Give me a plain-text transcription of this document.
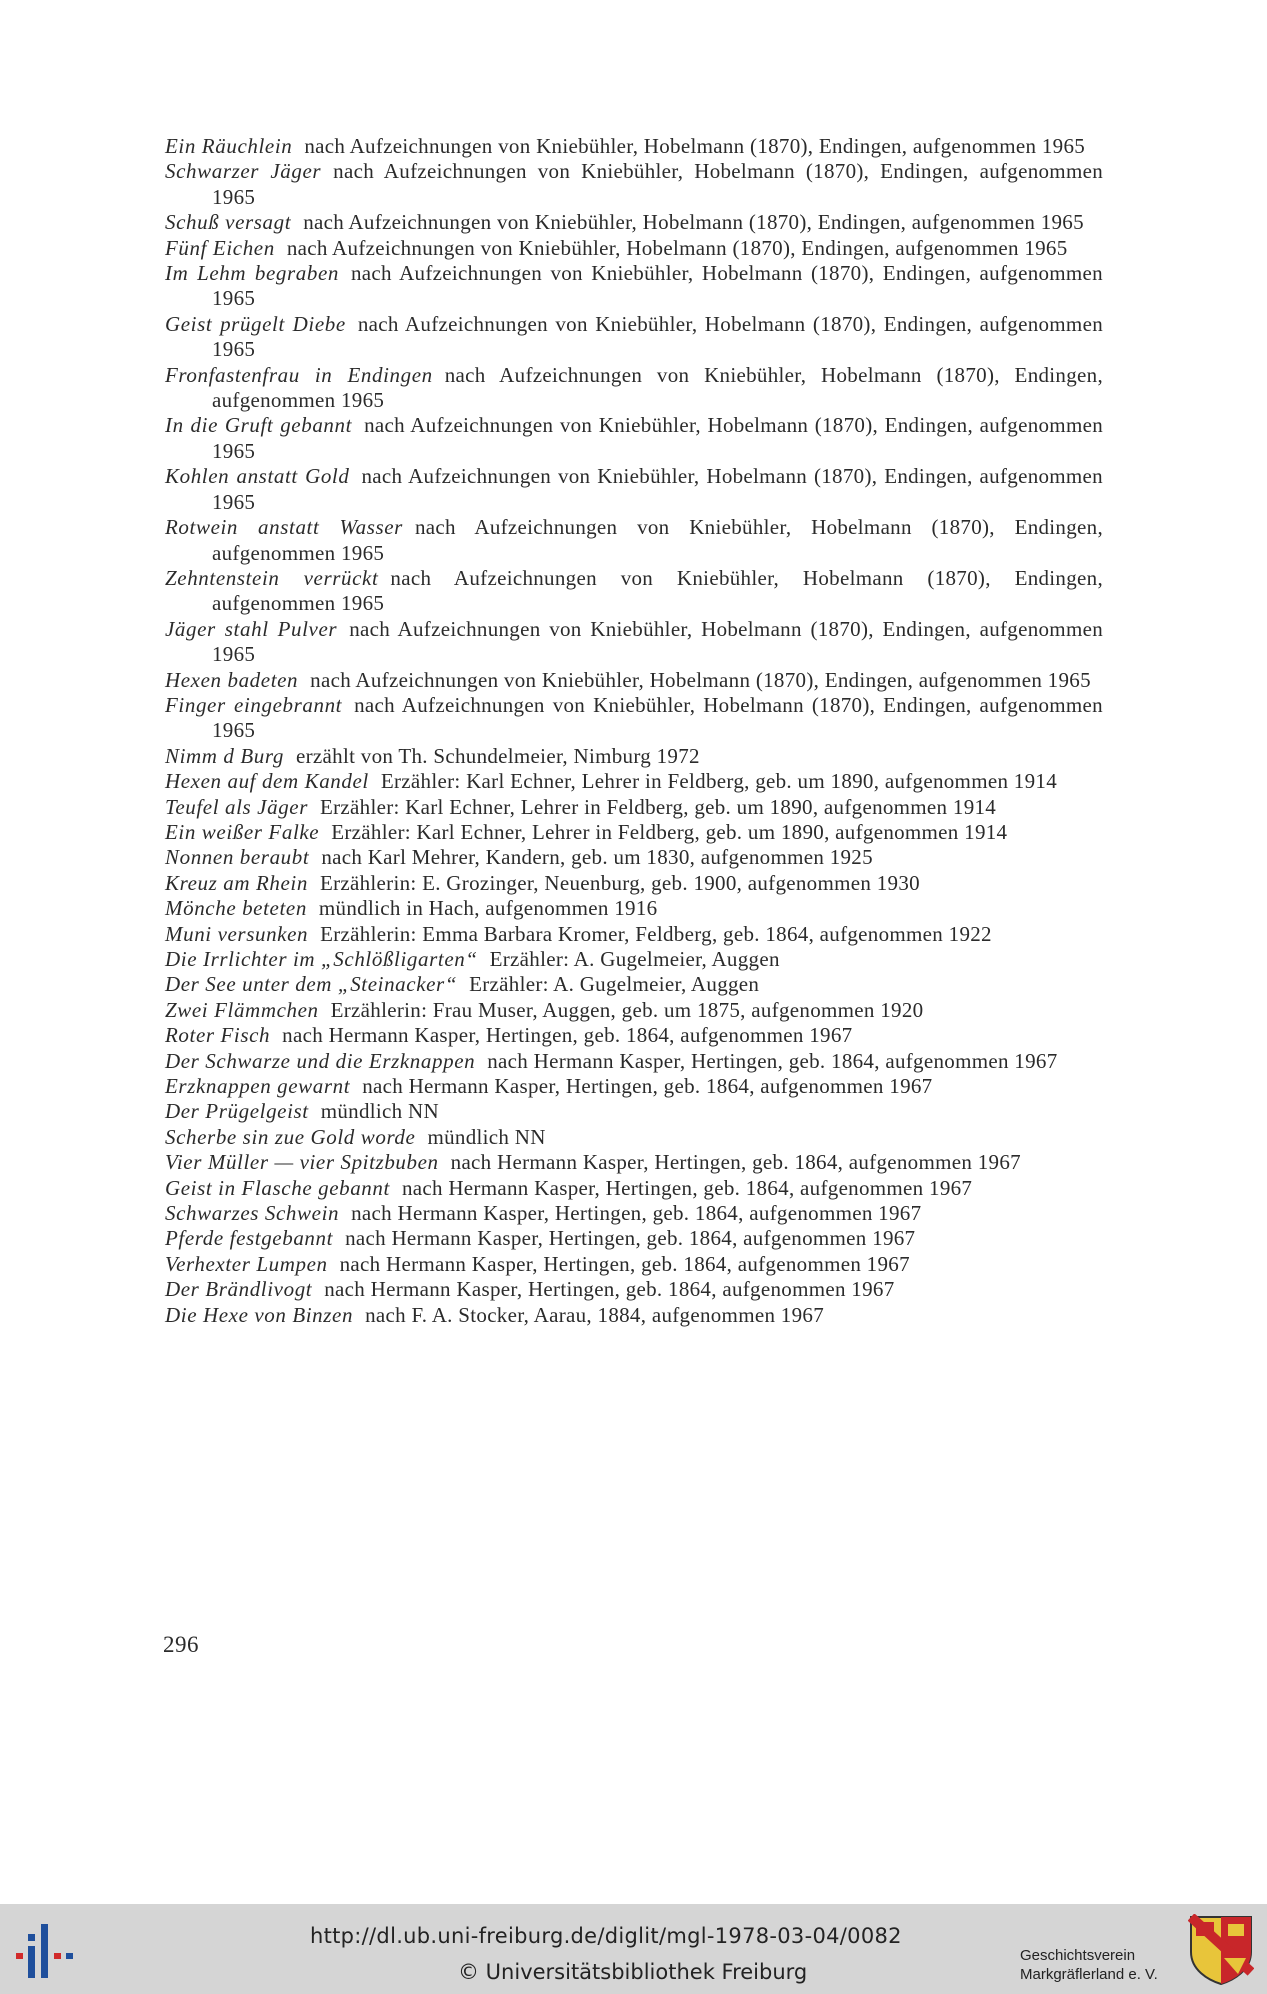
Ein Räuchlein nach Aufzeichnungen von Kniebühler, Hobelmann (1870), Endingen, aufgenommen 1965
Schwarzer Jäger nach Aufzeichnungen von Kniebühler, Hobelmann (1870), Endingen, aufgenommen 1965
Schuß versagt nach Aufzeichnungen von Kniebühler, Hobelmann (1870), Endingen, aufgenommen 1965
Fünf Eichen nach Aufzeichnungen von Kniebühler, Hobelmann (1870), Endingen, aufgenommen 1965
Im Lehm begraben nach Aufzeichnungen von Kniebühler, Hobelmann (1870), Endingen, aufgenommen 1965
Geist prügelt Diebe nach Aufzeichnungen von Kniebühler, Hobelmann (1870), Endingen, aufgenommen 1965
Fronfastenfrau in Endingen nach Aufzeichnungen von Kniebühler, Hobelmann (1870), Endingen, aufgenommen 1965
In die Gruft gebannt nach Aufzeichnungen von Kniebühler, Hobelmann (1870), Endingen, aufgenommen 1965
Kohlen anstatt Gold nach Aufzeichnungen von Kniebühler, Hobelmann (1870), Endingen, aufgenommen 1965
Rotwein anstatt Wasser nach Aufzeichnungen von Kniebühler, Hobelmann (1870), Endingen, aufgenommen 1965
Zehntenstein verrückt nach Aufzeichnungen von Kniebühler, Hobelmann (1870), Endingen, aufgenommen 1965
Jäger stahl Pulver nach Aufzeichnungen von Kniebühler, Hobelmann (1870), Endingen, aufgenommen 1965
Hexen badeten nach Aufzeichnungen von Kniebühler, Hobelmann (1870), Endingen, aufgenommen 1965
Finger eingebrannt nach Aufzeichnungen von Kniebühler, Hobelmann (1870), Endingen, aufgenommen 1965
Nimm d Burg erzählt von Th. Schundelmeier, Nimburg 1972
Hexen auf dem Kandel Erzähler: Karl Echner, Lehrer in Feldberg, geb. um 1890, aufgenommen 1914
Teufel als Jäger Erzähler: Karl Echner, Lehrer in Feldberg, geb. um 1890, aufgenommen 1914
Ein weißer Falke Erzähler: Karl Echner, Lehrer in Feldberg, geb. um 1890, aufgenommen 1914
Nonnen beraubt nach Karl Mehrer, Kandern, geb. um 1830, aufgenommen 1925
Kreuz am Rhein Erzählerin: E. Grozinger, Neuenburg, geb. 1900, aufgenommen 1930
Mönche beteten mündlich in Hach, aufgenommen 1916
Muni versunken Erzählerin: Emma Barbara Kromer, Feldberg, geb. 1864, aufgenommen 1922
Die Irrlichter im „Schlößligarten“ Erzähler: A. Gugelmeier, Auggen
Der See unter dem „Steinacker“ Erzähler: A. Gugelmeier, Auggen
Zwei Flämmchen Erzählerin: Frau Muser, Auggen, geb. um 1875, aufgenommen 1920
Roter Fisch nach Hermann Kasper, Hertingen, geb. 1864, aufgenommen 1967
Der Schwarze und die Erzknappen nach Hermann Kasper, Hertingen, geb. 1864, aufgenommen 1967
Erzknappen gewarnt nach Hermann Kasper, Hertingen, geb. 1864, aufgenommen 1967
Der Prügelgeist mündlich NN
Scherbe sin zue Gold worde mündlich NN
Vier Müller — vier Spitzbuben nach Hermann Kasper, Hertingen, geb. 1864, aufgenommen 1967
Geist in Flasche gebannt nach Hermann Kasper, Hertingen, geb. 1864, aufgenommen 1967
Schwarzes Schwein nach Hermann Kasper, Hertingen, geb. 1864, aufgenommen 1967
Pferde festgebannt nach Hermann Kasper, Hertingen, geb. 1864, aufgenommen 1967
Verhexter Lumpen nach Hermann Kasper, Hertingen, geb. 1864, aufgenommen 1967
Der Brändlivogt nach Hermann Kasper, Hertingen, geb. 1864, aufgenommen 1967
Die Hexe von Binzen nach F. A. Stocker, Aarau, 1884, aufgenommen 1967
296
http://dl.ub.uni-freiburg.de/diglit/mgl-1978-03-04/0082
© Universitätsbibliothek Freiburg
Geschichtsverein
Markgräflerland e. V.
